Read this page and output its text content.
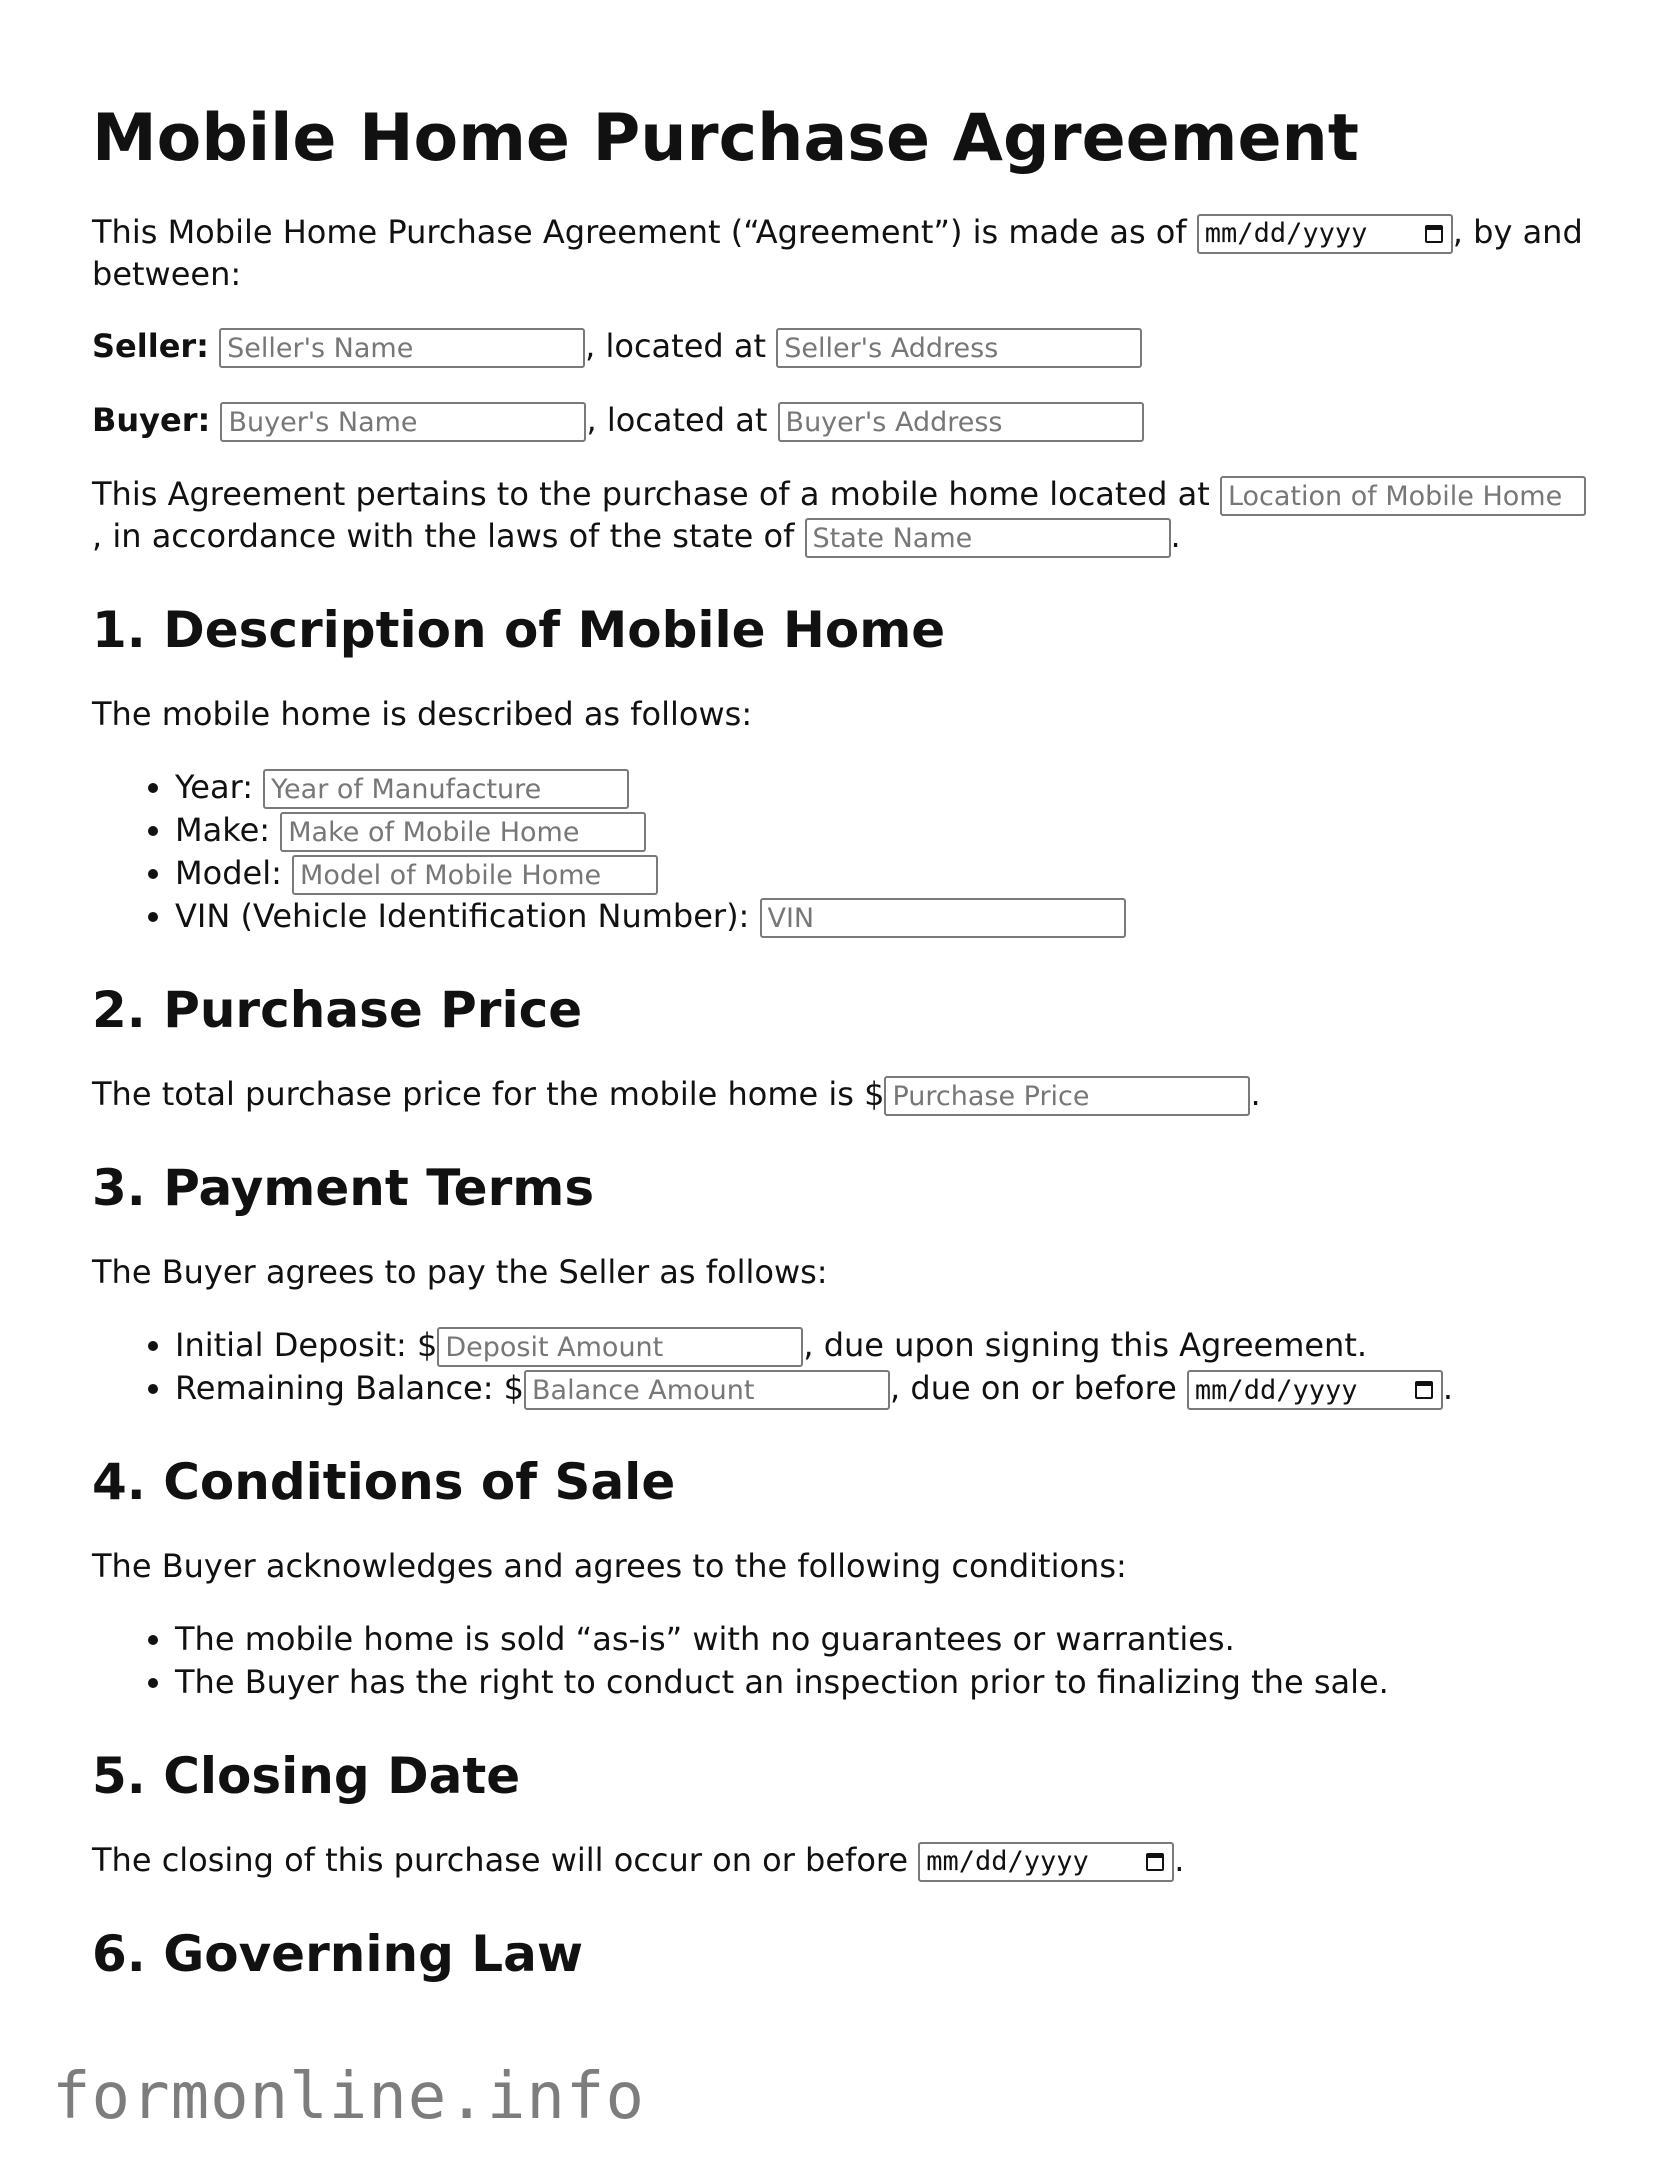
Mobile Home Purchase Agreement

This Mobile Home Purchase Agreement (“Agreement”) is made as of mm/dd/yyyy	, by and between:

Seller: Seller's Name	, located at Seller's Address

Buyer: Buyer's Name	, located at Buyer's Address

This Agreement pertains to the purchase of a mobile home located at Location of Mobile Home, in accordance with the laws of the state of State Name	.

1. Description of Mobile Home

The mobile home is described as follows:

• Year: Year of Manufacture
• Make: Make of Mobile Home
• Model: Model of Mobile Home
• VIN (Vehicle Identification Number): VIN
2. Purchase Price

The total purchase price for the mobile home is $Purchase Price	.

3. Payment Terms

The Buyer agrees to pay the Seller as follows:

• Initial Deposit: $Deposit Amount	, due upon signing this Agreement.
• Remaining Balance: $Balance Amount	, due on or before mm/dd/yyyy	.
4. Conditions of Sale

The Buyer acknowledges and agrees to the following conditions:

• The mobile home is sold “as-is” with no guarantees or warranties.
• The Buyer has the right to conduct an inspection prior to finalizing the sale.
5. Closing Date

The closing of this purchase will occur on or before mm/dd/yyyy	.

6. Governing Law
formonline.info
